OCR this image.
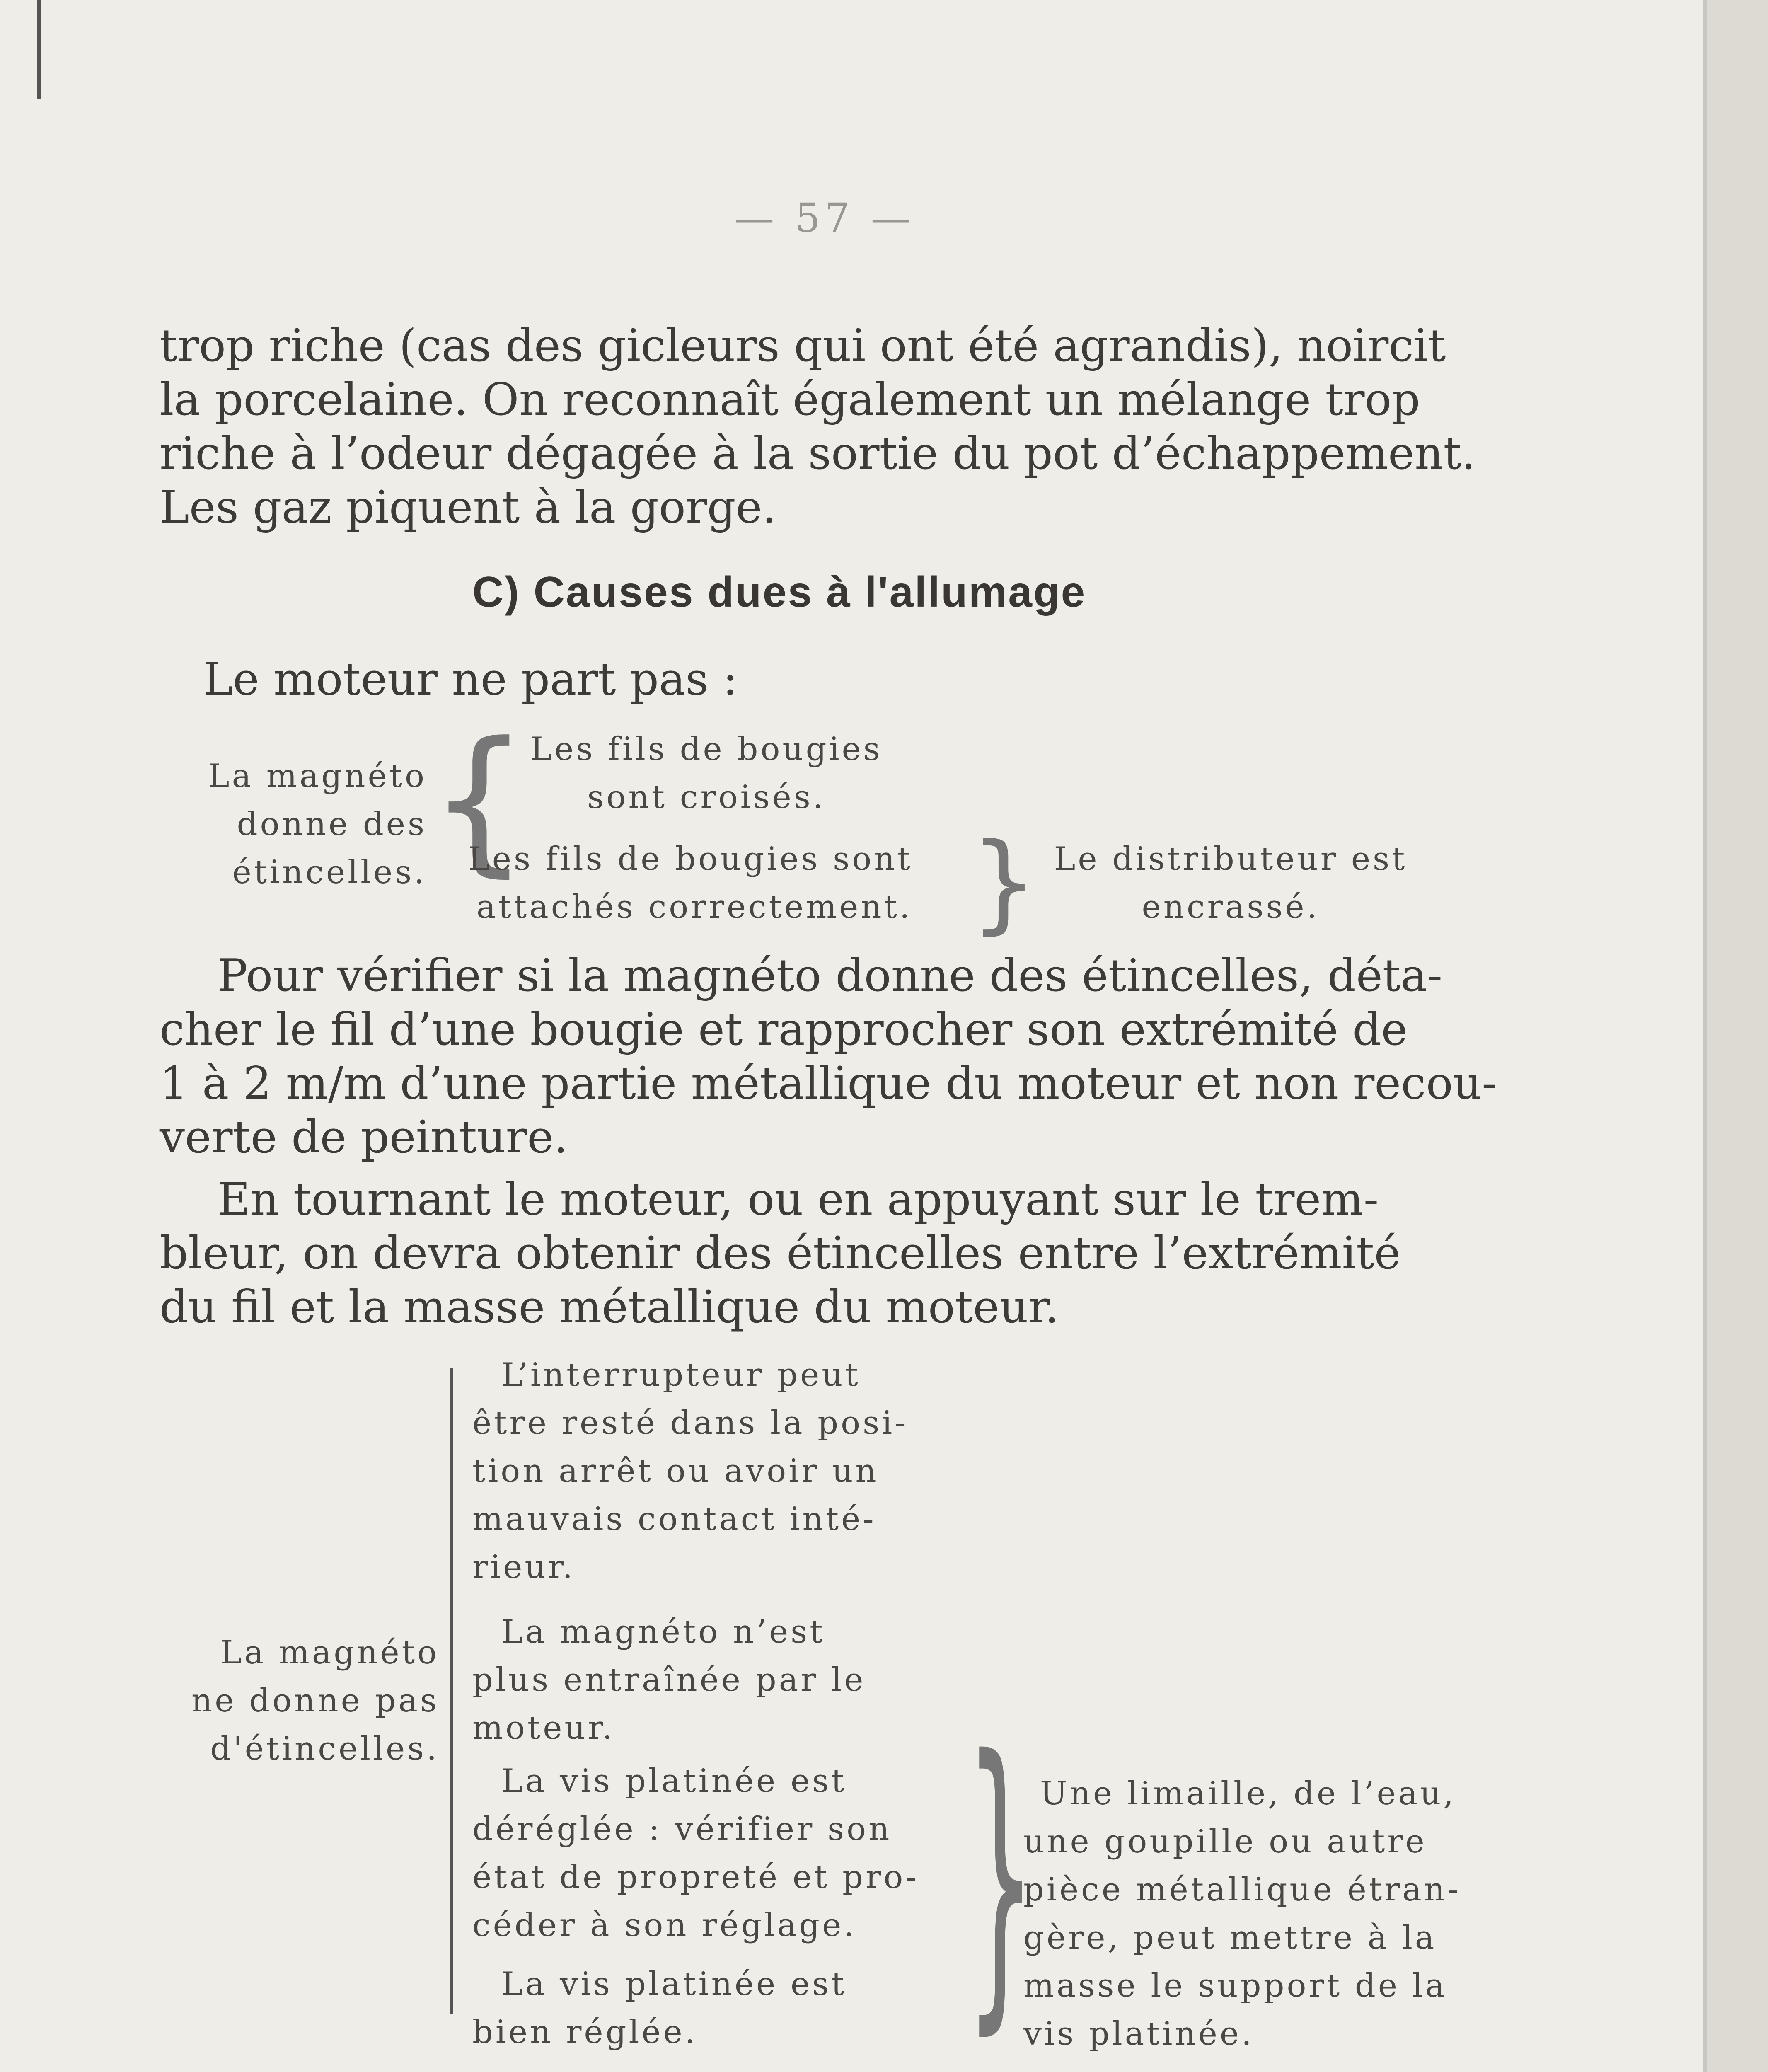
— 57 —
trop riche (cas des gicleurs qui ont été agrandis), noircit
la porcelaine. On reconnaît également un mélange trop
riche à l’odeur dégagée à la sortie du pot d’échappement.
Les gaz piquent à la gorge.
C) Causes dues à l'allumage
Le moteur ne part pas :
La magnéto
donne des
étincelles. { Les fils de bougies
sont croisés.
Les fils de bougies sont
attachés correctement. } Le distributeur est
encrassé.
Pour vérifier si la magnéto donne des étincelles, déta-
cher le fil d’une bougie et rapprocher son extrémité de
1 à 2 m/m d’une partie métallique du moteur et non recou-
verte de peinture.
En tournant le moteur, ou en appuyant sur le trem-
bleur, on devra obtenir des étincelles entre l’extrémité
du fil et la masse métallique du moteur.
La magnéto
ne donne pas
d'étincelles.
L’interrupteur peut
être resté dans la posi-
tion arrêt ou avoir un
mauvais contact inté-
rieur.
La magnéto n’est
plus entraînée par le
moteur.
La vis platinée est
déréglée : vérifier son
état de propreté et pro-
céder à son réglage.
La vis platinée est
bien réglée. } Une limaille, de l’eau,
une goupille ou autre
pièce métallique étran-
gère, peut mettre à la
masse le support de la
vis platinée.
